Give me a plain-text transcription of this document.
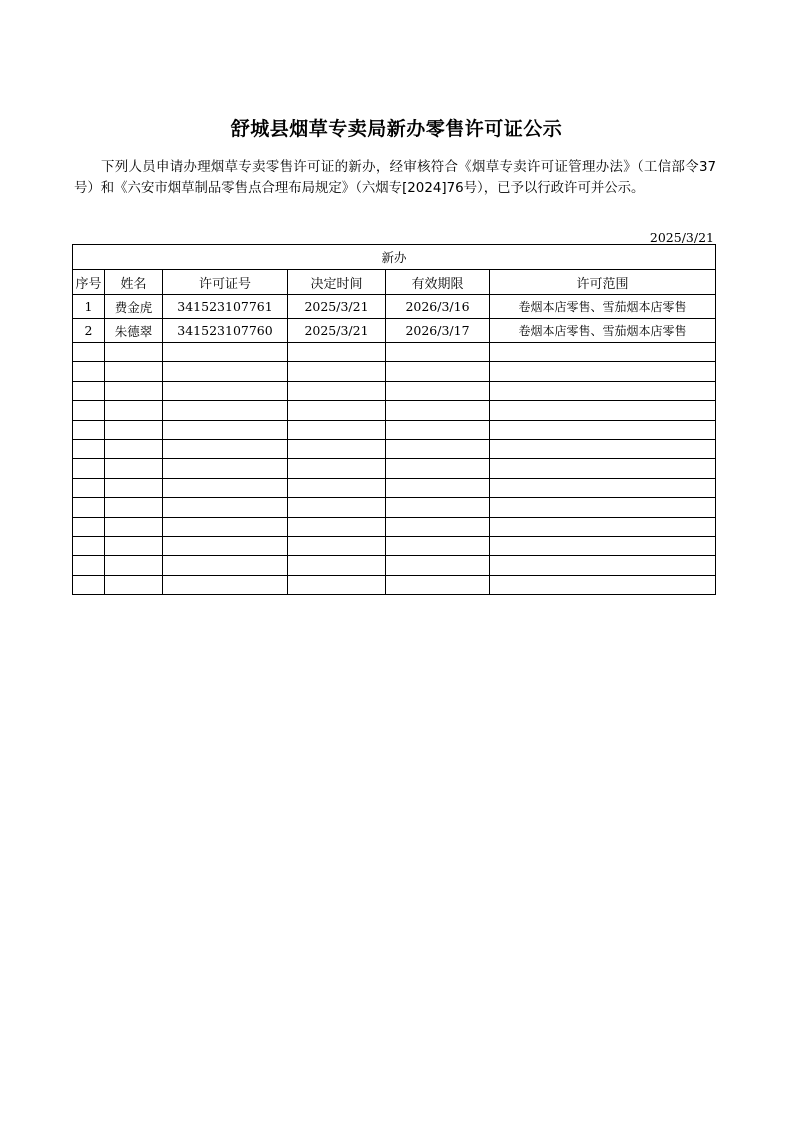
舒城县烟草专卖局新办零售许可证公示
下列人员申请办理烟草专卖零售许可证的新办，经审核符合《烟草专卖许可证管理办法》（工信部令37号）和《六安市烟草制品零售点合理布局规定》（六烟专[2024]76号），已予以行政许可并公示。
2025/3/21
新办					
序号	姓名	许可证号	决定时间	有效期限	许可范围
1	费金虎	341523107761	2025/3/21	2026/3/16	卷烟本店零售、雪茄烟本店零售
2	朱德翠	341523107760	2025/3/21	2026/3/17	卷烟本店零售、雪茄烟本店零售
